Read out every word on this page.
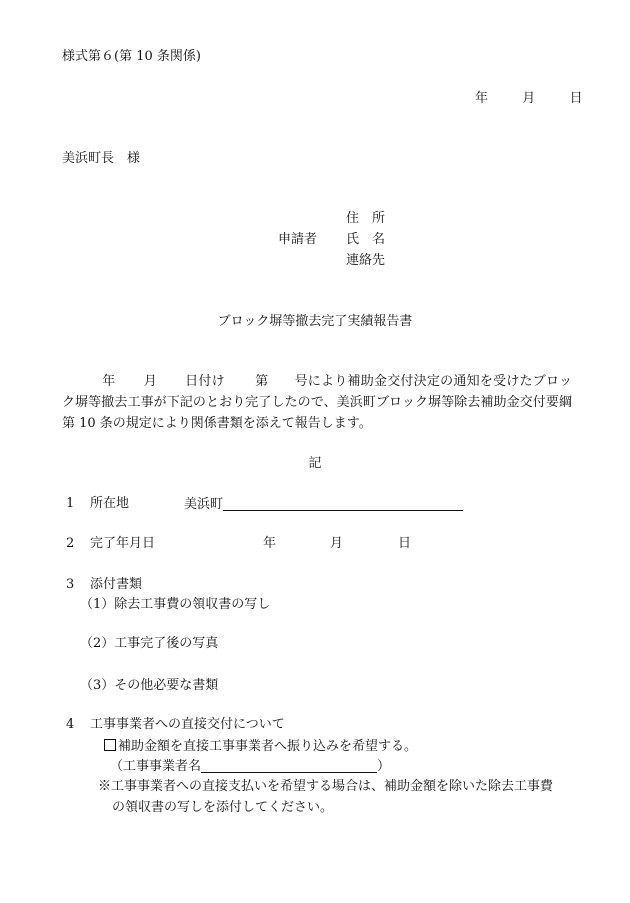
様式第６(第 10 条関係)
年	月	日
美浜町長　様
住　所
申請者 氏　名
連絡先
ブロック塀等撤去完了実績報告書
年 月 日付け 第 号により補助金交付決定の通知を受けたブロック塀等撤去工事が下記のとおり完了したので、美浜町ブロック塀等除去補助金交付要綱第 10 条の規定により関係書類を添えて報告します。
記
1 所在地	美浜町
2 完了年月日	年	月	日
3 添付書類
（1）除去工事費の領収書の写し
（2）工事完了後の写真
（3）その他必要な書類
4 工事事業者への直接交付について
補助金額を直接工事事業者へ振り込みを希望する。
（工事事業者名	）
※工事事業者への直接支払いを希望する場合は、補助金額を除いた除去工事費
の領収書の写しを添付してください。
